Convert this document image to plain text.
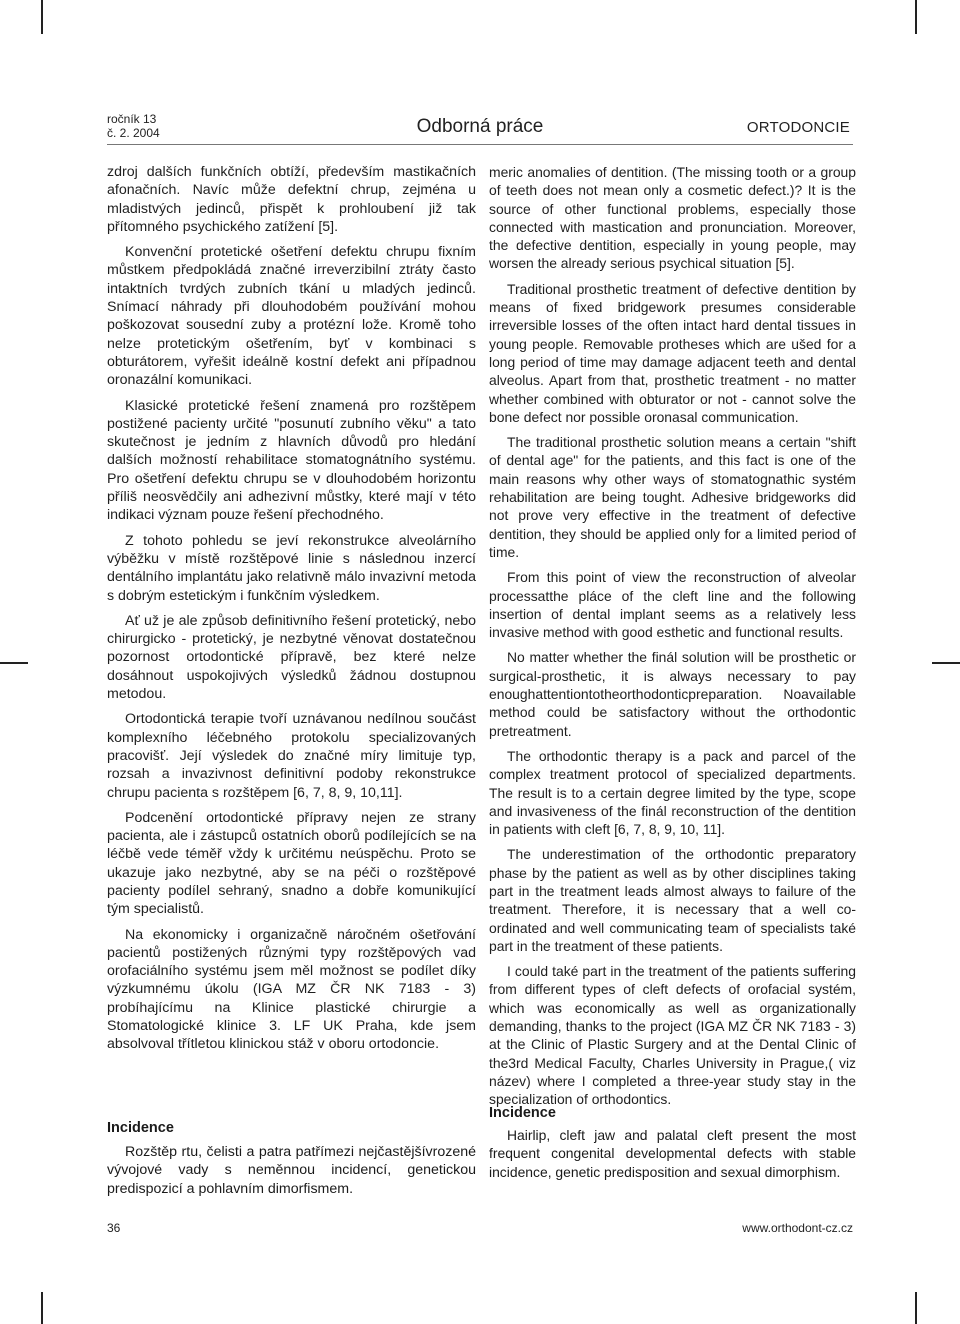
ročník 13
č. 2. 2004	Odborná práce	ORTODONCIE

zdroj dalších funkčních obtíží, především mastikačních afonačních. Navíc může defektní chrup, zejména u mladistvých jedinců, přispět k prohloubení již tak přítomného psychického zatížení [5].

Konvenční protetické ošetření defektu chrupu fixním můstkem předpokládá značné irreverzibilní ztráty často intaktních tvrdých zubních tkání u mladých jedinců. Snímací náhrady při dlouhodobém používání mohou poškozovat sousední zuby a protézní lože. Kromě toho nelze protetickým ošetřením, byť v kombinaci s obturátorem, vyřešit ideálně kostní defekt ani případnou oronazální komunikaci.

Klasické protetické řešení znamená pro rozštěpem postižené pacienty určité "posunutí zubního věku" a tato skutečnost je jedním z hlavních důvodů pro hledání dalších možností rehabilitace stomatognátního systému. Pro ošetření defektu chrupu se v dlouhodobém horizontu příliš neosvědčily ani adhezivní můstky, které mají v této indikaci význam pouze řešení přechodného.

Z tohoto pohledu se jeví rekonstrukce alveolárního výběžku v místě rozštěpové linie s následnou inzercí dentálního implantátu jako relativně málo invazivní metoda s dobrým estetickým i funkčním výsledkem.

Ať už je ale způsob definitivního řešení protetický, nebo chirurgicko - protetický, je nezbytné věnovat dostatečnou pozornost ortodontické přípravě, bez které nelze dosáhnout uspokojivých výsledků žádnou dostupnou metodou.

Ortodontická terapie tvoří uznávanou nedílnou součást komplexního léčebného protokolu specializovaných pracovišť. Její výsledek do značné míry limituje typ, rozsah a invazivnost definitivní podoby rekonstrukce chrupu pacienta s rozštěpem [6, 7, 8, 9, 10,11].

Podcenění ortodontické přípravy nejen ze strany pacienta, ale i zástupců ostatních oborů podílejících se na léčbě vede téměř vždy k určitému neúspěchu. Proto se ukazuje jako nezbytné, aby se na péči o rozštěpové pacienty podílel sehraný, snadno a dobře komunikující tým specialistů.

Na ekonomicky i organizačně náročném ošetřování pacientů postižených různými typy rozštěpových vad orofaciálního systému jsem měl možnost se podílet díky výzkumnému úkolu (IGA MZ ČR NK 7183 - 3) probíhajícímu na Klinice plastické chirurgie a Stomatologické klinice 3. LF UK Praha, kde jsem absolvoval třítletou klinickou stáž v oboru ortodoncie.

Incidence

Rozštěp rtu, čelisti a patra patřímezi nejčastějšívrozené vývojové vady s neměnnou incidencí, genetickou predispozicí a pohlavním dimorfismem.

meric anomalies of dentition. (The missing tooth or a group of teeth does not mean only a cosmetic defect.)? It is the source of other functional problems, especially those connected with mastication and pronunciation. Moreover, the defective dentition, especially in young people, may worsen the already serious psychical situation [5].

Traditional prosthetic treatment of defective dentition by means of fixed bridgework presumes considerable irreversible losses of the often intact hard dental tissues in young people. Removable protheses which are ušed for a long period of time may damage adjacent teeth and dental alveolus. Apart from that, prosthetic treatment - no matter whether combined with obturator or not - cannot solve the bone defect nor possible oronasal communication.

The traditional prosthetic solution means a certain "shift of dental age" for the patients, and this fact is one of the main reasons why other ways of stomatognathic systém rehabilitation are being tought. Adhesive bridgeworks did not prove very effective in the treatment of defective dentition, they should be applied only for a limited period of time.

From this point of view the reconstruction of alveolar processatthe pláce of the cleft line and the following insertion of dental implant seems as a relatively less invasive method with good esthetic and functional results.

No matter whether the finál solution will be prosthetic or surgical-prosthetic, it is always necessary to pay enoughattentiontotheorthodonticpreparation. Noavailable method could be satisfactory without the orthodontic pretreatment.

The orthodontic therapy is a pack and parcel of the complex treatment protocol of specialized departments. The result is to a certain degree limited by the type, scope and invasiveness of the finál reconstruction of the dentition in patients with cleft [6, 7, 8, 9, 10, 11].

The underestimation of the orthodontic preparatory phase by the patient as well as by other disciplines taking part in the treatment leads almost always to failure of the treatment. Therefore, it is necessary that a well co-ordinated and well communicating team of specialists také part in the treatment of these patients.

I could také part in the treatment of the patients suffering from different types of cleft defects of orofacial systém, which was economically as well as organizationally demanding, thanks to the project (IGA MZ ČR NK 7183 - 3) at the Clinic of Plastic Surgery and at the Dental Clinic of the3rd Medical Faculty, Charles University in Prague,( viz název) where I completed a three-year study stay in the specialization of orthodontics.

Incidence

Hairlip, cleft jaw and palatal cleft present the most frequent congenital developmental defects with stable incidence, genetic predisposition and sexual dimorphism.

36	www.orthodont-cz.cz
